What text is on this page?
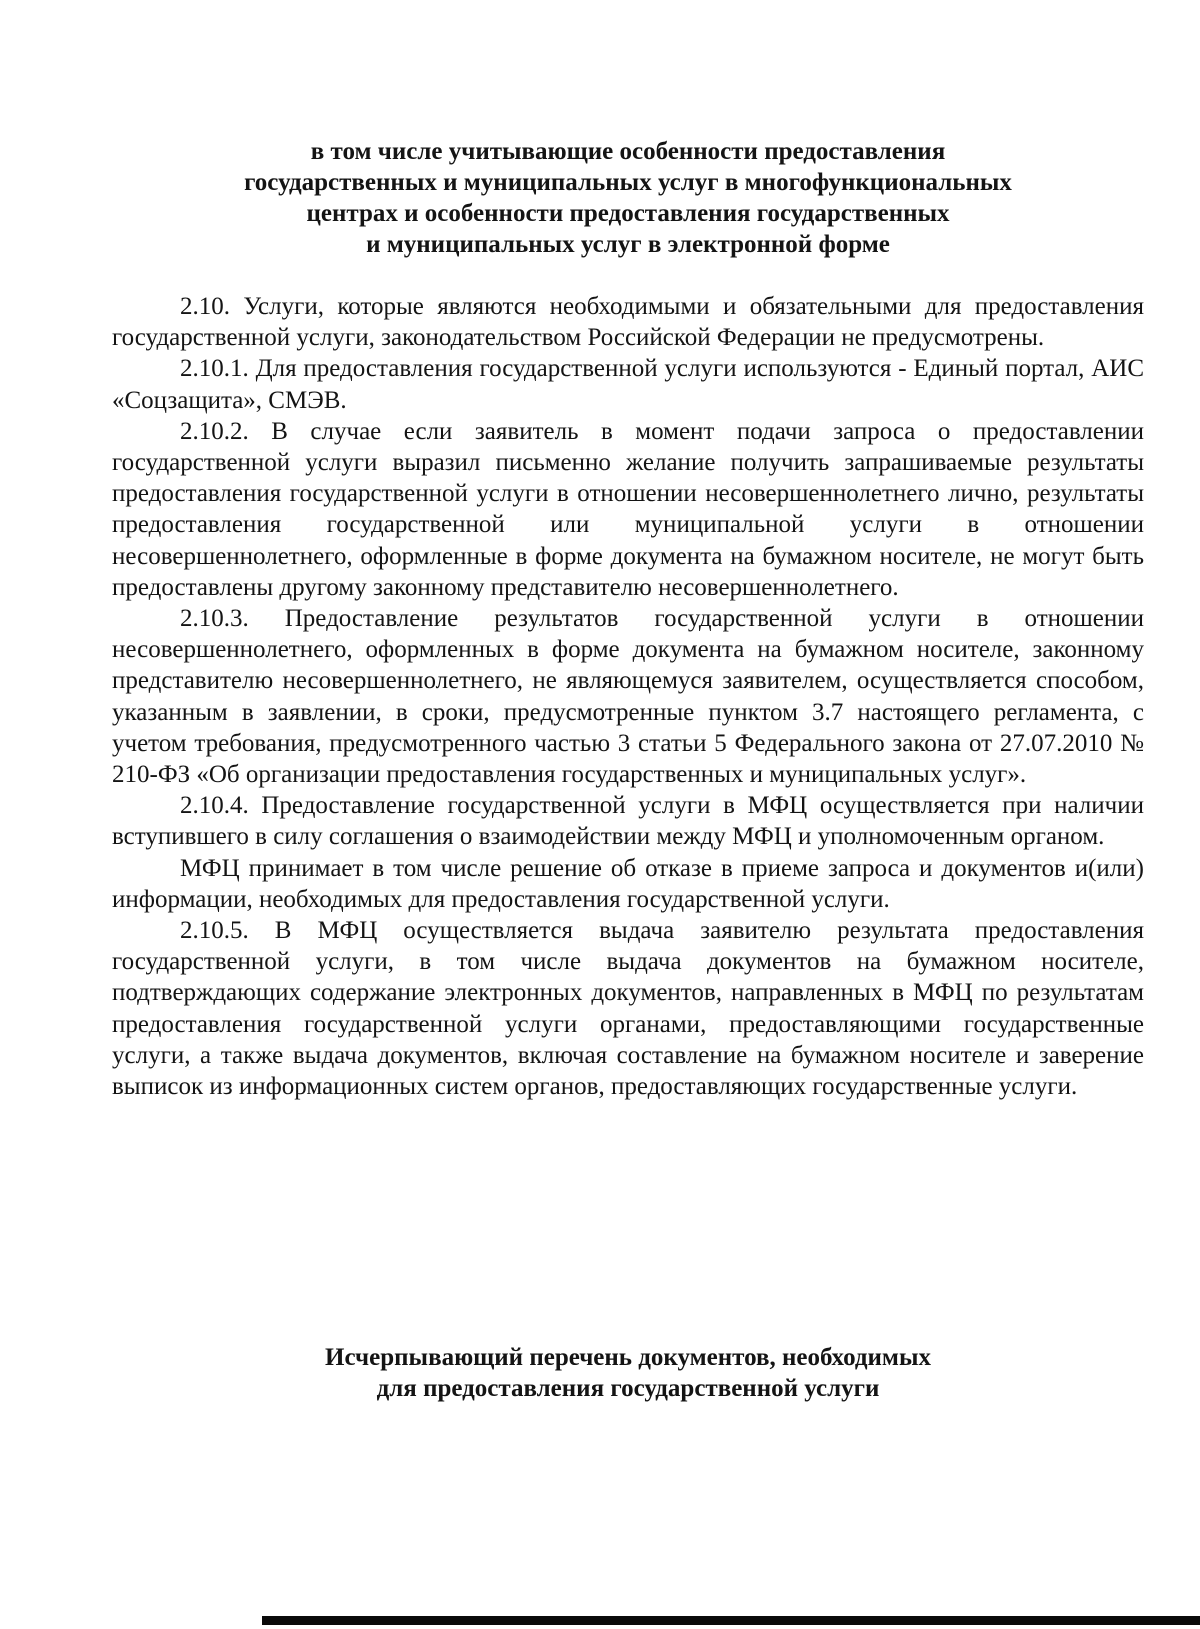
в том числе учитывающие особенности предоставления
государственных и муниципальных услуг в многофункциональных
центрах и особенности предоставления государственных
и муниципальных услуг в электронной форме

2.10. Услуги, которые являются необходимыми и обязательными для предоставления государственной услуги, законодательством Российской Федерации не предусмотрены.

2.10.1. Для предоставления государственной услуги используются - Единый портал, АИС «Соцзащита», СМЭВ.

2.10.2. В случае если заявитель в момент подачи запроса о предоставлении государственной услуги выразил письменно желание получить запрашиваемые результаты предоставления государственной услуги в отношении несовершеннолетнего лично, результаты предоставления государственной или муниципальной услуги в отношении несовершеннолетнего, оформленные в форме документа на бумажном носителе, не могут быть предоставлены другому законному представителю несовершеннолетнего.

2.10.3. Предоставление результатов государственной услуги в отношении несовершеннолетнего, оформленных в форме документа на бумажном носителе, законному представителю несовершеннолетнего, не являющемуся заявителем, осуществляется способом, указанным в заявлении, в сроки, предусмотренные пунктом 3.7 настоящего регламента, с учетом требования, предусмотренного частью 3 статьи 5 Федерального закона от 27.07.2010 № 210-ФЗ «Об организации предоставления государственных и муниципальных услуг».

2.10.4. Предоставление государственной услуги в МФЦ осуществляется при наличии вступившего в силу соглашения о взаимодействии между МФЦ и уполномоченным органом.

МФЦ принимает в том числе решение об отказе в приеме запроса и документов и(или) информации, необходимых для предоставления государственной услуги.

2.10.5. В МФЦ осуществляется выдача заявителю результата предоставления государственной услуги, в том числе выдача документов на бумажном носителе, подтверждающих содержание электронных документов, направленных в МФЦ по результатам предоставления государственной услуги органами, предоставляющими государственные услуги, а также выдача документов, включая составление на бумажном носителе и заверение выписок из информационных систем органов, предоставляющих государственные услуги.

Исчерпывающий перечень документов, необходимых
для предоставления государственной услуги
